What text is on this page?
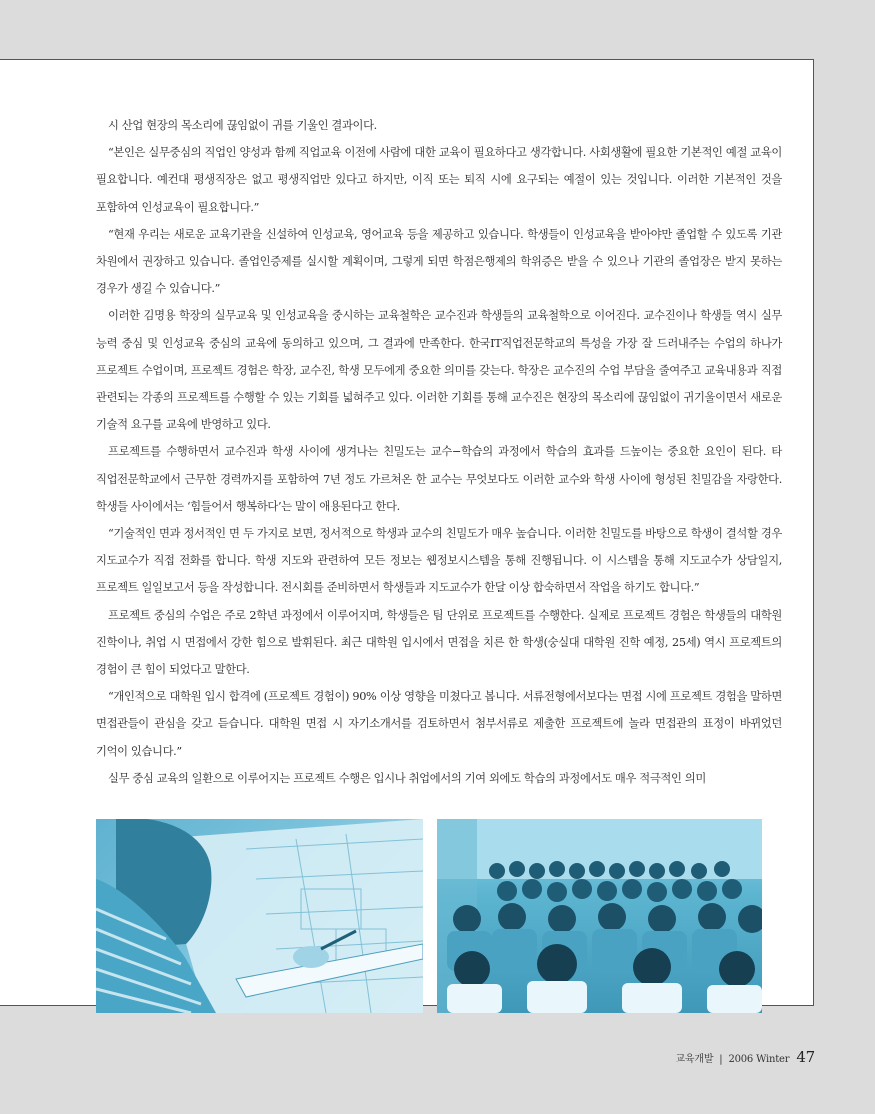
시 산업 현장의 목소리에 끊임없이 귀를 기울인 결과이다.

“본인은 실무중심의 직업인 양성과 함께 직업교육 이전에 사람에 대한 교육이 필요하다고 생각합니다. 사회생활에 필요한 기본적인 예절 교육이 필요합니다. 예컨대 평생직장은 없고 평생직업만 있다고 하지만, 이직 또는 퇴직 시에 요구되는 예절이 있는 것입니다. 이러한 기본적인 것을 포함하여 인성교육이 필요합니다.”

“현재 우리는 새로운 교육기관을 신설하여 인성교육, 영어교육 등을 제공하고 있습니다. 학생들이 인성교육을 받아야만 졸업할 수 있도록 기관 차원에서 권장하고 있습니다. 졸업인증제를 실시할 계획이며, 그렇게 되면 학점은행제의 학위증은 받을 수 있으나 기관의 졸업장은 받지 못하는 경우가 생길 수 있습니다.”

이러한 김명용 학장의 실무교육 및 인성교육을 중시하는 교육철학은 교수진과 학생들의 교육철학으로 이어진다. 교수진이나 학생들 역시 실무 능력 중심 및 인성교육 중심의 교육에 동의하고 있으며, 그 결과에 만족한다. 한국IT직업전문학교의 특성을 가장 잘 드러내주는 수업의 하나가 프로젝트 수업이며, 프로젝트 경험은 학장, 교수진, 학생 모두에게 중요한 의미를 갖는다. 학장은 교수진의 수업 부담을 줄여주고 교육내용과 직접 관련되는 각종의 프로젝트를 수행할 수 있는 기회를 넓혀주고 있다. 이러한 기회를 통해 교수진은 현장의 목소리에 끊임없이 귀기울이면서 새로운 기술적 요구를 교육에 반영하고 있다.

프로젝트를 수행하면서 교수진과 학생 사이에 생겨나는 친밀도는 교수−학습의 과정에서 학습의 효과를 드높이는 중요한 요인이 된다. 타 직업전문학교에서 근무한 경력까지를 포함하여 7년 정도 가르쳐온 한 교수는 무엇보다도 이러한 교수와 학생 사이에 형성된 친밀감을 자랑한다. 학생들 사이에서는 ‘힘들어서 행복하다’는 말이 애용된다고 한다.

“기술적인 면과 정서적인 면 두 가지로 보면, 정서적으로 학생과 교수의 친밀도가 매우 높습니다. 이러한 친밀도를 바탕으로 학생이 결석할 경우 지도교수가 직접 전화를 합니다. 학생 지도와 관련하여 모든 정보는 웹정보시스템을 통해 진행됩니다. 이 시스템을 통해 지도교수가 상담일지, 프로젝트 일일보고서 등을 작성합니다. 전시회를 준비하면서 학생들과 지도교수가 한달 이상 합숙하면서 작업을 하기도 합니다.”

프로젝트 중심의 수업은 주로 2학년 과정에서 이루어지며, 학생들은 팀 단위로 프로젝트를 수행한다. 실제로 프로젝트 경험은 학생들의 대학원 진학이나, 취업 시 면접에서 강한 힘으로 발휘된다. 최근 대학원 입시에서 면접을 치른 한 학생(숭실대 대학원 진학 예정, 25세) 역시 프로젝트의 경험이 큰 힘이 되었다고 말한다.

“개인적으로 대학원 입시 합격에 (프로젝트 경험이) 90% 이상 영향을 미쳤다고 봅니다. 서류전형에서보다는 면접 시에 프로젝트 경험을 말하면 면접관들이 관심을 갖고 듣습니다. 대학원 면접 시 자기소개서를 검토하면서 첨부서류로 제출한 프로젝트에 놀라 면접관의 표정이 바뀌었던 기억이 있습니다.”

실무 중심 교육의 일환으로 이루어지는 프로젝트 수행은 입시나 취업에서의 기여 외에도 학습의 과정에서도 매우 적극적인 의미

교육개발 | 2006 Winter 47
